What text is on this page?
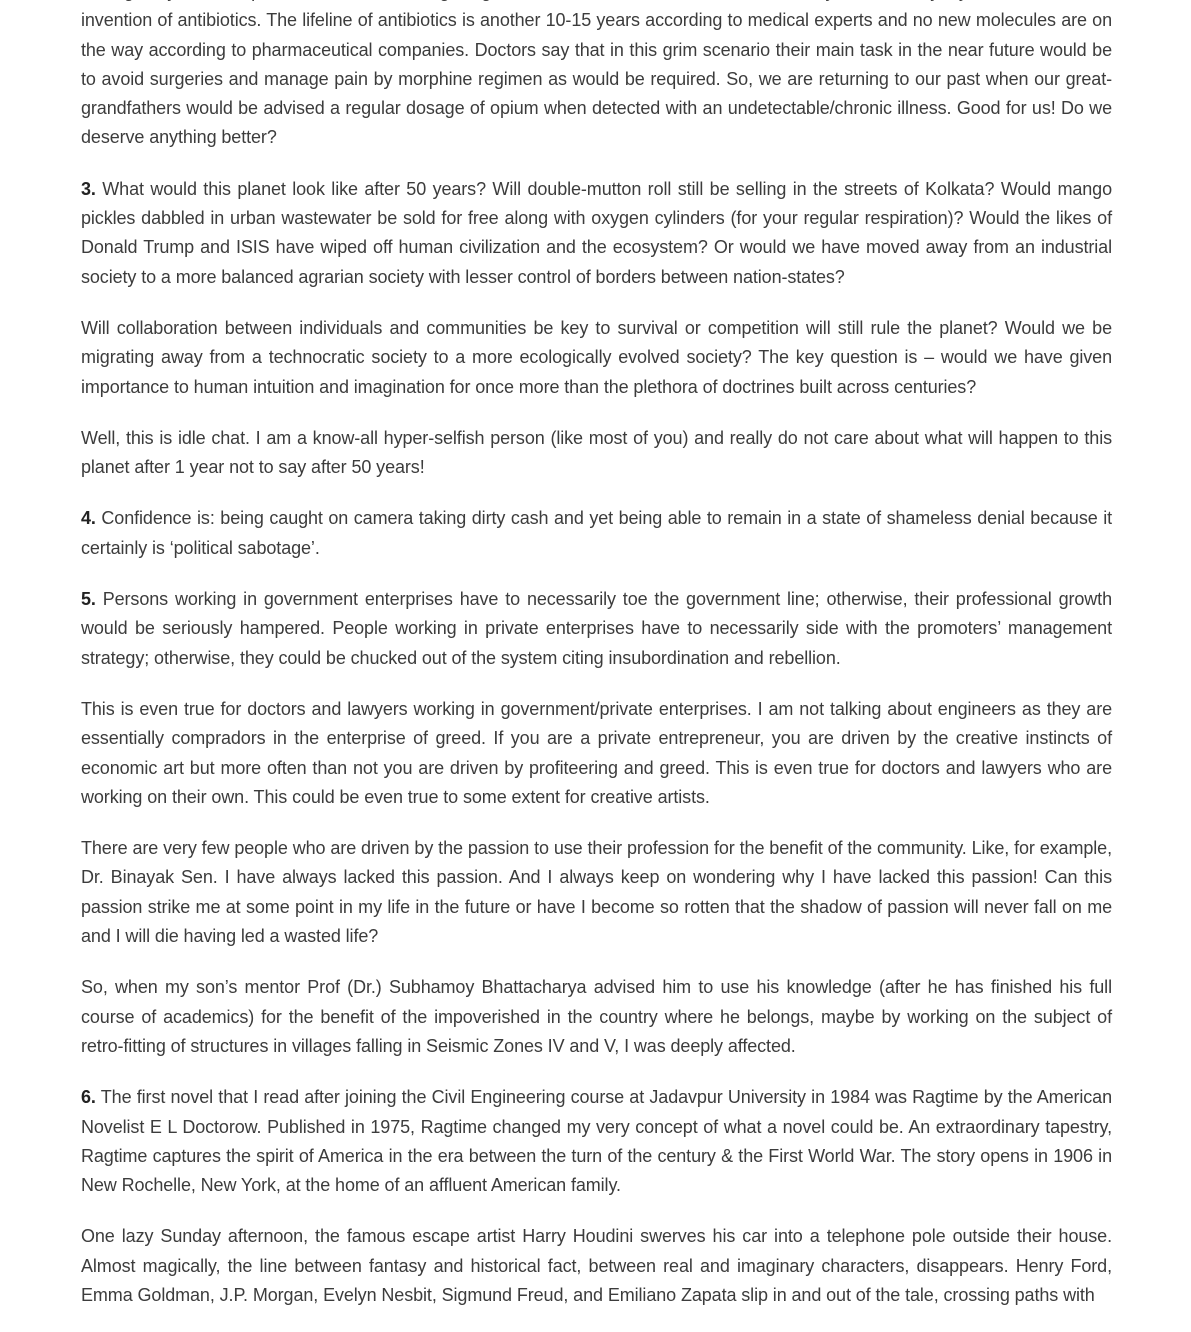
invention of antibiotics. The lifeline of antibiotics is another 10-15 years according to medical experts and no new molecules are on the way according to pharmaceutical companies. Doctors say that in this grim scenario their main task in the near future would be to avoid surgeries and manage pain by morphine regimen as would be required. So, we are returning to our past when our great-grandfathers would be advised a regular dosage of opium when detected with an undetectable/chronic illness. Good for us! Do we deserve anything better?

3. What would this planet look like after 50 years? Will double-mutton roll still be selling in the streets of Kolkata? Would mango pickles dabbled in urban wastewater be sold for free along with oxygen cylinders (for your regular respiration)? Would the likes of Donald Trump and ISIS have wiped off human civilization and the ecosystem? Or would we have moved away from an industrial society to a more balanced agrarian society with lesser control of borders between nation-states?

Will collaboration between individuals and communities be key to survival or competition will still rule the planet? Would we be migrating away from a technocratic society to a more ecologically evolved society? The key question is – would we have given importance to human intuition and imagination for once more than the plethora of doctrines built across centuries?

Well, this is idle chat. I am a know-all hyper-selfish person (like most of you) and really do not care about what will happen to this planet after 1 year not to say after 50 years!

4. Confidence is: being caught on camera taking dirty cash and yet being able to remain in a state of shameless denial because it certainly is ‘political sabotage’.

5. Persons working in government enterprises have to necessarily toe the government line; otherwise, their professional growth would be seriously hampered. People working in private enterprises have to necessarily side with the promoters’ management strategy; otherwise, they could be chucked out of the system citing insubordination and rebellion.

This is even true for doctors and lawyers working in government/private enterprises. I am not talking about engineers as they are essentially compradors in the enterprise of greed. If you are a private entrepreneur, you are driven by the creative instincts of economic art but more often than not you are driven by profiteering and greed. This is even true for doctors and lawyers who are working on their own. This could be even true to some extent for creative artists.

There are very few people who are driven by the passion to use their profession for the benefit of the community. Like, for example, Dr. Binayak Sen. I have always lacked this passion. And I always keep on wondering why I have lacked this passion! Can this passion strike me at some point in my life in the future or have I become so rotten that the shadow of passion will never fall on me and I will die having led a wasted life?

So, when my son’s mentor Prof (Dr.) Subhamoy Bhattacharya advised him to use his knowledge (after he has finished his full course of academics) for the benefit of the impoverished in the country where he belongs, maybe by working on the subject of retro-fitting of structures in villages falling in Seismic Zones IV and V, I was deeply affected.

6. The first novel that I read after joining the Civil Engineering course at Jadavpur University in 1984 was Ragtime by the American Novelist E L Doctorow. Published in 1975, Ragtime changed my very concept of what a novel could be. An extraordinary tapestry, Ragtime captures the spirit of America in the era between the turn of the century & the First World War. The story opens in 1906 in New Rochelle, New York, at the home of an affluent American family.

One lazy Sunday afternoon, the famous escape artist Harry Houdini swerves his car into a telephone pole outside their house. Almost magically, the line between fantasy and historical fact, between real and imaginary characters, disappears. Henry Ford, Emma Goldman, J.P. Morgan, Evelyn Nesbit, Sigmund Freud, and Emiliano Zapata slip in and out of the tale, crossing paths with
